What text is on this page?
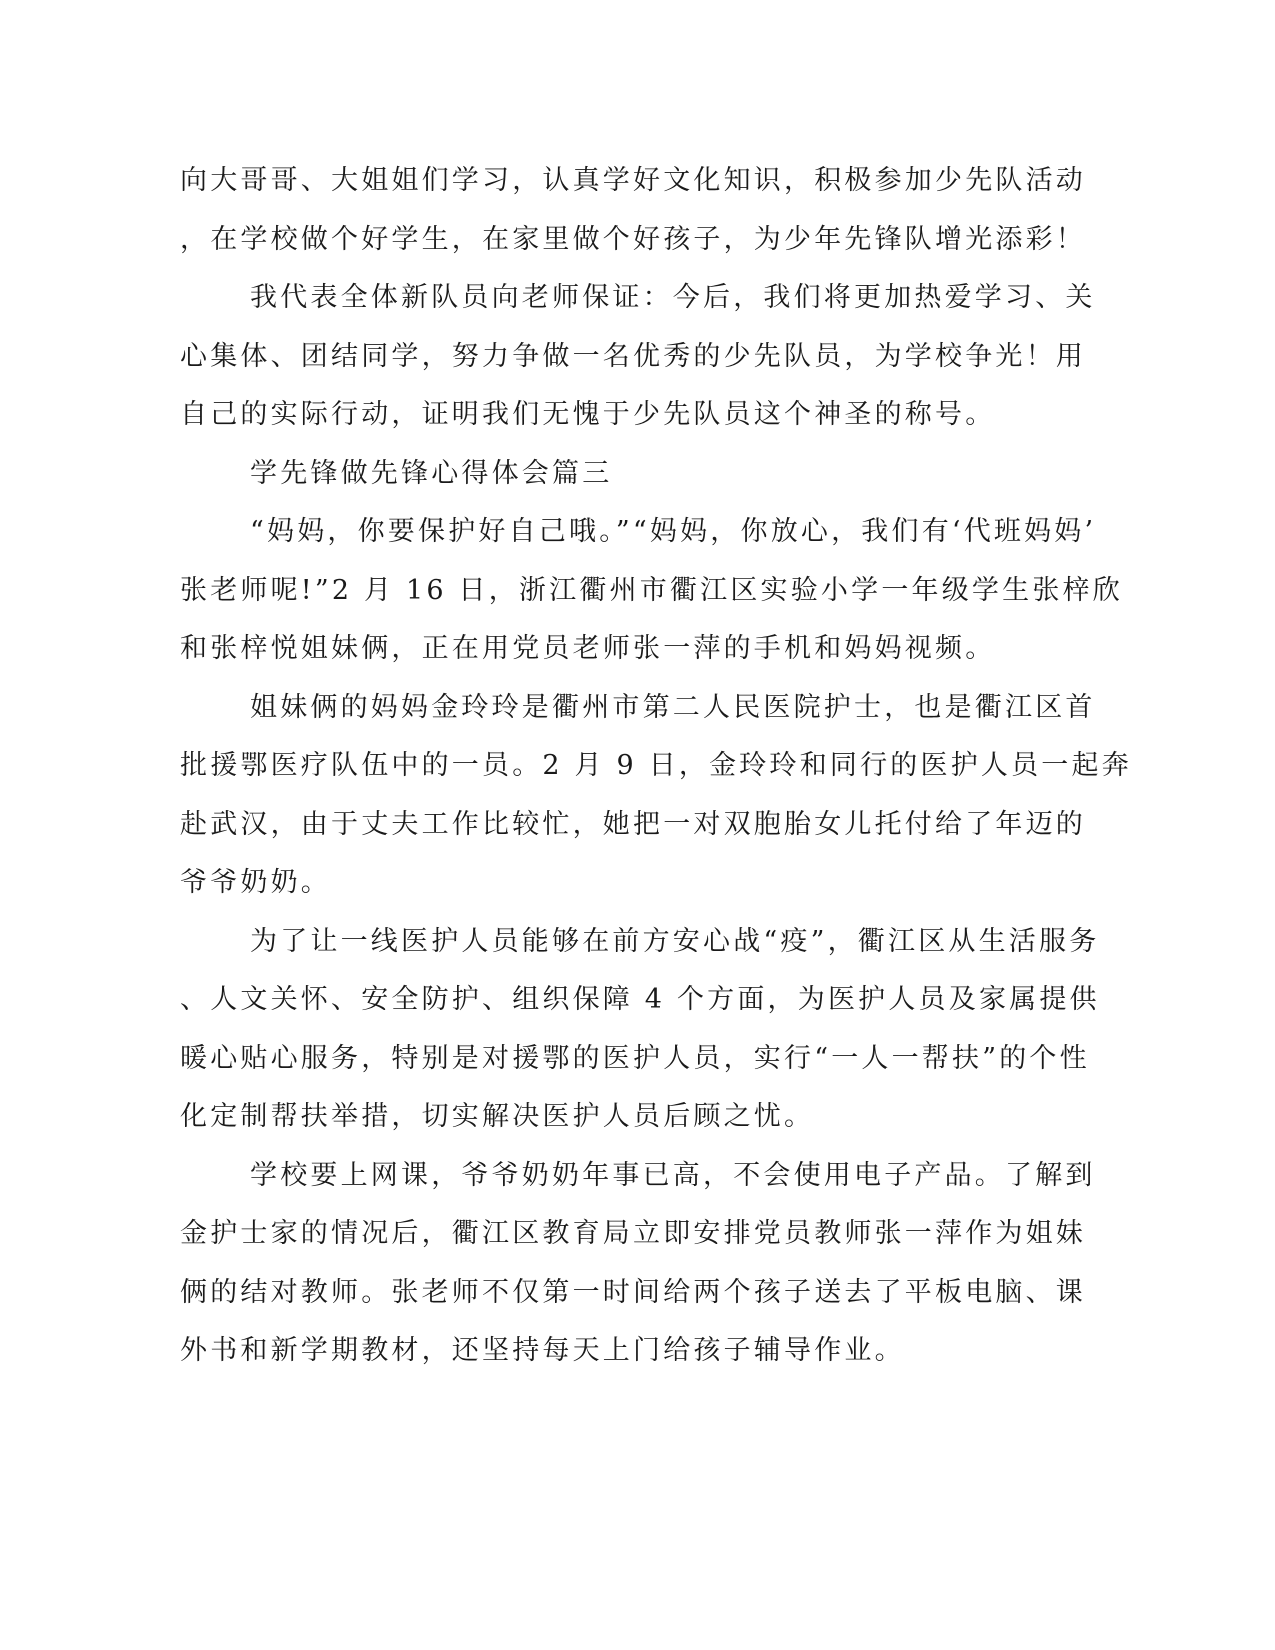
向大哥哥、大姐姐们学习，认真学好文化知识，积极参加少先队活动
，在学校做个好学生，在家里做个好孩子，为少年先锋队增光添彩！
我代表全体新队员向老师保证：今后，我们将更加热爱学习、关
心集体、团结同学，努力争做一名优秀的少先队员，为学校争光！用
自己的实际行动，证明我们无愧于少先队员这个神圣的称号。
学先锋做先锋心得体会篇三
“妈妈，你要保护好自己哦。”“妈妈，你放心，我们有‘代班妈妈’
张老师呢!”2 月 16 日，浙江衢州市衢江区实验小学一年级学生张梓欣
和张梓悦姐妹俩，正在用党员老师张一萍的手机和妈妈视频。
姐妹俩的妈妈金玲玲是衢州市第二人民医院护士，也是衢江区首
批援鄂医疗队伍中的一员。2 月 9 日，金玲玲和同行的医护人员一起奔
赴武汉，由于丈夫工作比较忙，她把一对双胞胎女儿托付给了年迈的
爷爷奶奶。
为了让一线医护人员能够在前方安心战“疫”，衢江区从生活服务
、人文关怀、安全防护、组织保障 4 个方面，为医护人员及家属提供
暖心贴心服务，特别是对援鄂的医护人员，实行“一人一帮扶”的个性
化定制帮扶举措，切实解决医护人员后顾之忧。
学校要上网课，爷爷奶奶年事已高，不会使用电子产品。了解到
金护士家的情况后，衢江区教育局立即安排党员教师张一萍作为姐妹
俩的结对教师。张老师不仅第一时间给两个孩子送去了平板电脑、课
外书和新学期教材，还坚持每天上门给孩子辅导作业。
